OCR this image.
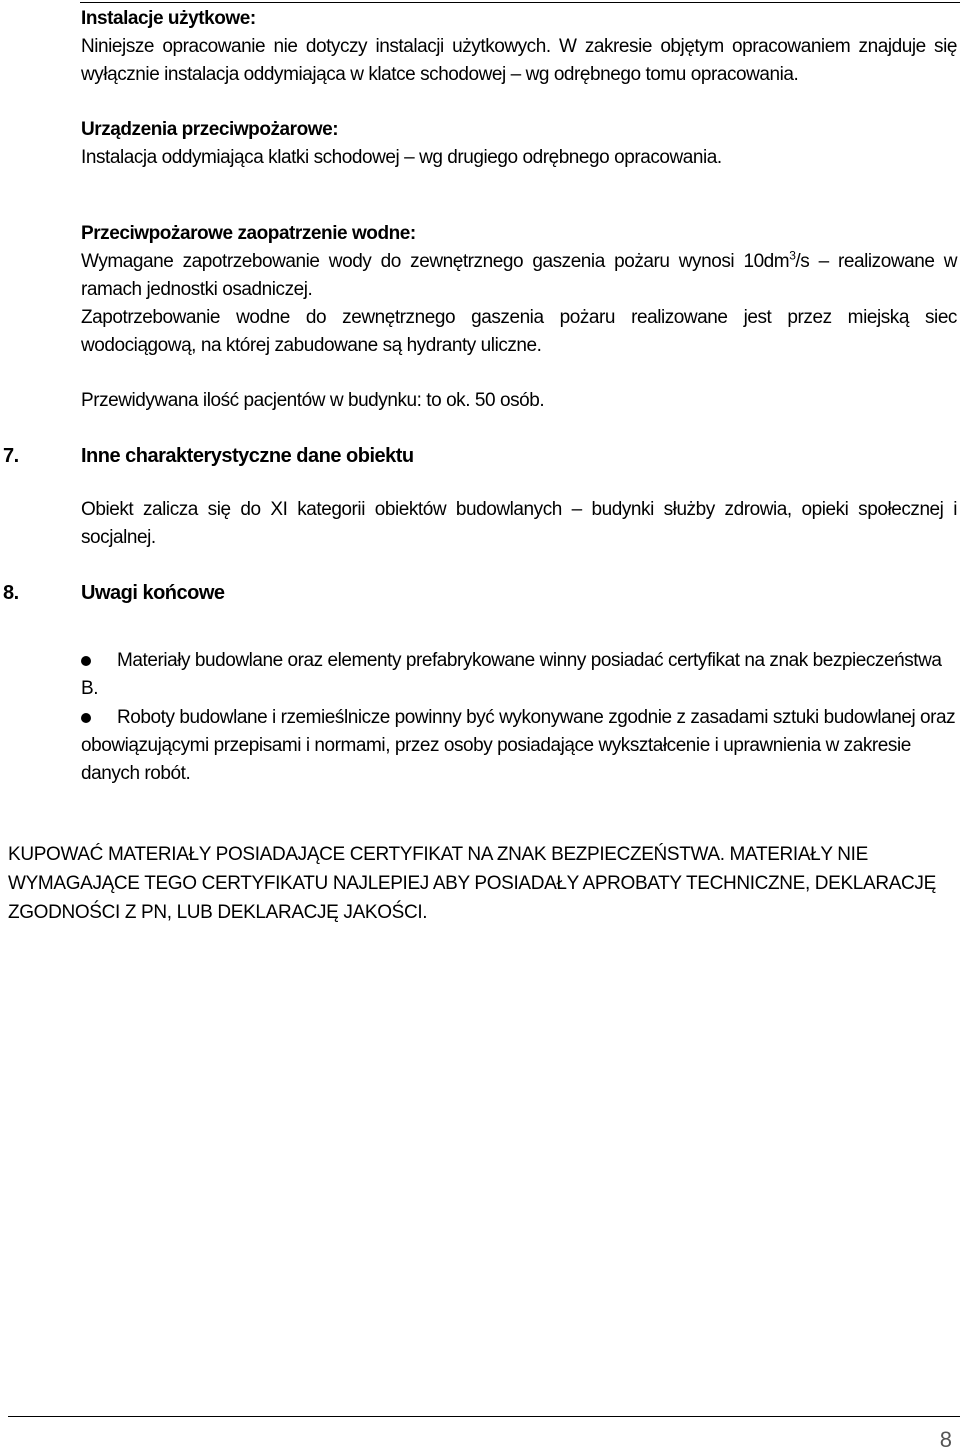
Instalacje użytkowe:

Niniejsze opracowanie nie dotyczy instalacji użytkowych. W zakresie objętym opracowaniem znajduje się wyłącznie instalacja oddymiająca w klatce schodowej – wg odrębnego tomu opracowania.

Urządzenia przeciwpożarowe:

Instalacja oddymiająca klatki schodowej – wg drugiego odrębnego opracowania.

Przeciwpożarowe zaopatrzenie wodne:

Wymagane zapotrzebowanie wody do zewnętrznego gaszenia pożaru wynosi $10dm^3/s$ – realizowane w ramach jednostki osadniczej.

Zapotrzebowanie wodne do zewnętrznego gaszenia pożaru realizowane jest przez miejską siec wodociągową, na której zabudowane są hydranty uliczne.

Przewidywana ilość pacjentów w budynku: to ok. 50 osób.

7.	Inne charakterystyczne dane obiektu

Obiekt zalicza się do XI kategorii obiektów budowlanych – budynki służby zdrowia, opieki społecznej i socjalnej.

8.	Uwagi końcowe

Materiały budowlane oraz elementy prefabrykowane winny posiadać certyfikat na znak bezpieczeństwa B.
Roboty budowlane i rzemieślnicze powinny być wykonywane zgodnie z zasadami sztuki budowlanej oraz obowiązującymi przepisami i normami, przez osoby posiadające wykształcenie i uprawnienia w zakresie danych robót.

KUPOWAĆ MATERIAŁY POSIADAJĄCE CERTYFIKAT NA ZNAK BEZPIECZEŃSTWA. MATERIAŁY NIE WYMAGAJĄCE TEGO CERTYFIKATU NAJLEPIEJ ABY POSIADAŁY APROBATY TECHNICZNE, DEKLARACJĘ ZGODNOŚCI Z PN, LUB DEKLARACJĘ JAKOŚCI.

8
